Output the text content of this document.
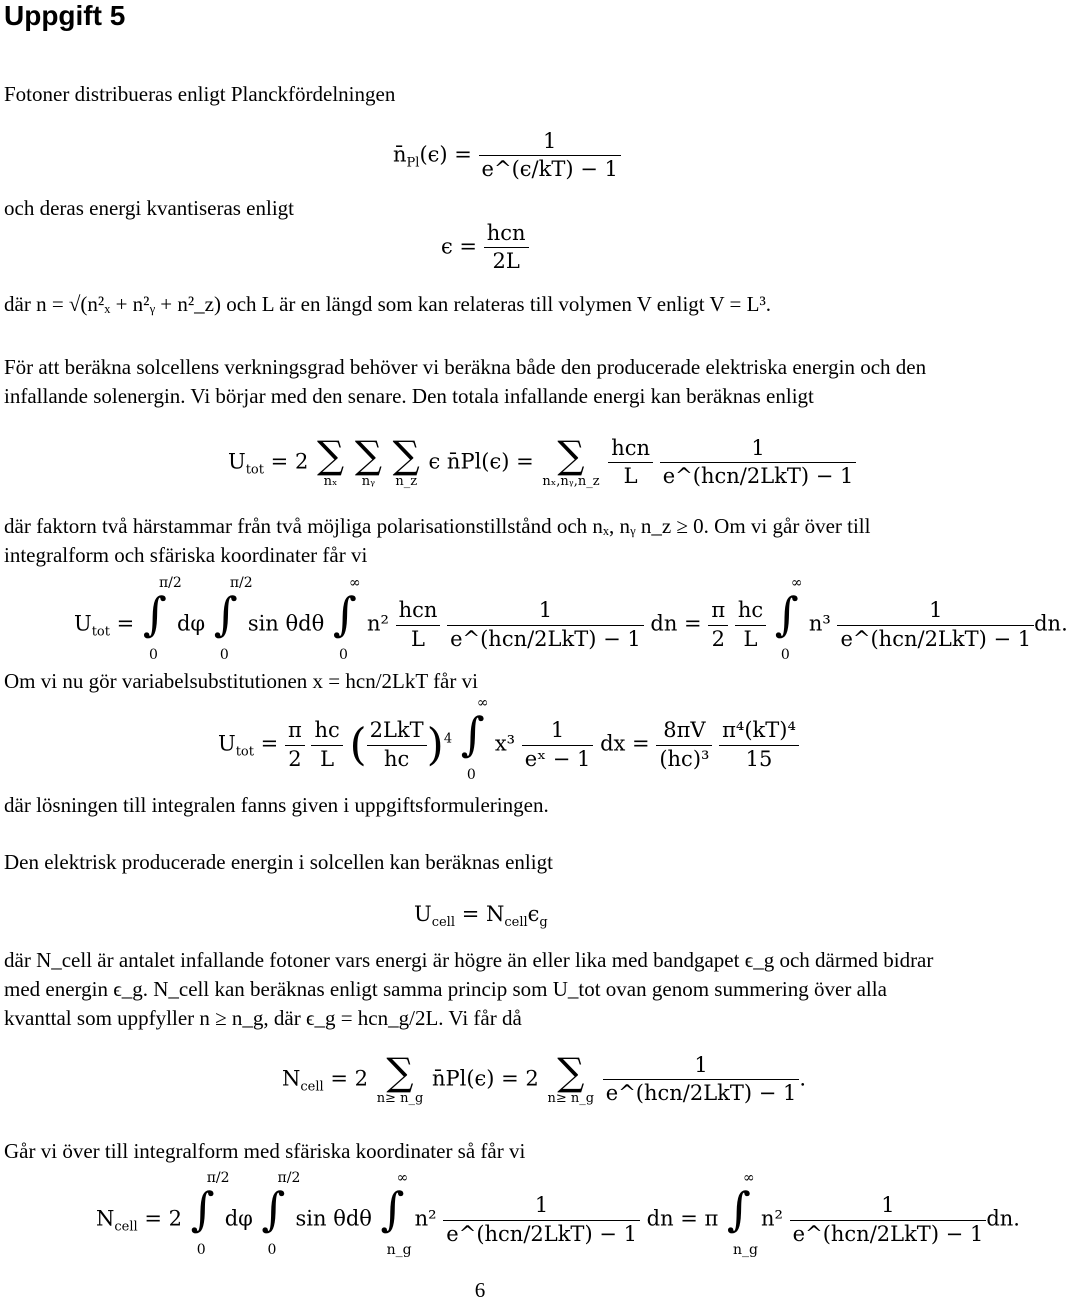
Uppgift 5
Fotoner distribueras enligt Planckfördelningen
$n̄_{Pl}(\epsilon) = \frac{1}{e\^{}(\epsilon/kT) - 1}$
och deras energi kvantiseras enligt
$\epsilon = \frac{\text{hcn}}{2L}$
där n = √(n²ₓ + n²ᵧ + n²_z) och L är en längd som kan relateras till volymen V enligt V = L³.
För att beräkna solcellens verkningsgrad behöver vi beräkna både den producerade elektriska energin och den infallande solenergin. Vi börjar med den senare. Den totala infallande energi kan beräknas enligt
$U_{tot} = 2$ ∑
nₓ

∑
nᵧ

∑
n_z
ϵ n̄Pl(ϵ) = ∑
nₓ,nᵧ,n_z
$\frac{\text{hcn}}{L}$
$\frac{1}{\text{e\textasciicircum{}(hcn/2LkT) − 1}}$
där faktorn två härstammar från två möjliga polarisationstillstånd och nₓ, nᵧ n_z ≥ 0. Om vi går över till integralform och sfäriska koordinater får vi
$U_{tot}$ = ∫
π/2
0
dφ ∫
π/2
0
sin θdθ ∫
∞
0
$n^2 \frac{\text{hcn}}{L}$
$\frac{1}{\text{e\textasciicircum{}(hcn/2LkT) − 1}}$ dn = $\frac{\pi}{2}$
$\frac{hc}{L}$
∫
∞
0
$n^3 \frac{1}{\text{e\textasciicircum{}(hcn/2LkT) − 1}}$ dn.
Om vi nu gör variabelsubstitutionen x = hcn/2LkT får vi
$U_{tot} = \frac{\pi}{2}$
$\frac{hc}{L}$ ( $\frac{\text{2LkT}}{hc} )^4$ ∫
∞
0
$x^3 \frac{1}{\text{eˣ − 1}}$ dx = $\frac{8\pi V}{\text{(hc)³}}$
$\frac{\text{π⁴(kT)⁴}}{15}$
där lösningen till integralen fanns given i uppgiftsformuleringen.
Den elektrisk producerade energin i solcellen kan beräknas enligt
$U_{cell} = N_{cell}\epsilon_g$
där N_cell är antalet infallande fotoner vars energi är högre än eller lika med bandgapet ϵ_g och därmed bidrar med energin ϵ_g. N_cell kan beräknas enligt samma princip som U_tot ovan genom summering över alla kvanttal som uppfyller n ≥ n_g, där ϵ_g = hcn_g/2L. Vi får då
$N_{cell} = 2$ ∑
n≥ n_g
n̄Pl(ϵ) = 2 ∑
n≥ n_g
$\frac{1}{\text{e\textasciicircum{}(hcn/2LkT) − 1}}$ .
Går vi över till integralform med sfäriska koordinater så får vi
$N_{cell} = 2$ ∫
π/2
0
dφ ∫
π/2
0
sin θdθ ∫
∞
n_g
$n^2 \frac{1}{\text{e\textasciicircum{}(hcn/2LkT) − 1}}$ dn = π ∫
∞
n_g
$n^2 \frac{1}{\text{e\textasciicircum{}(hcn/2LkT) − 1}}$ dn.
6
